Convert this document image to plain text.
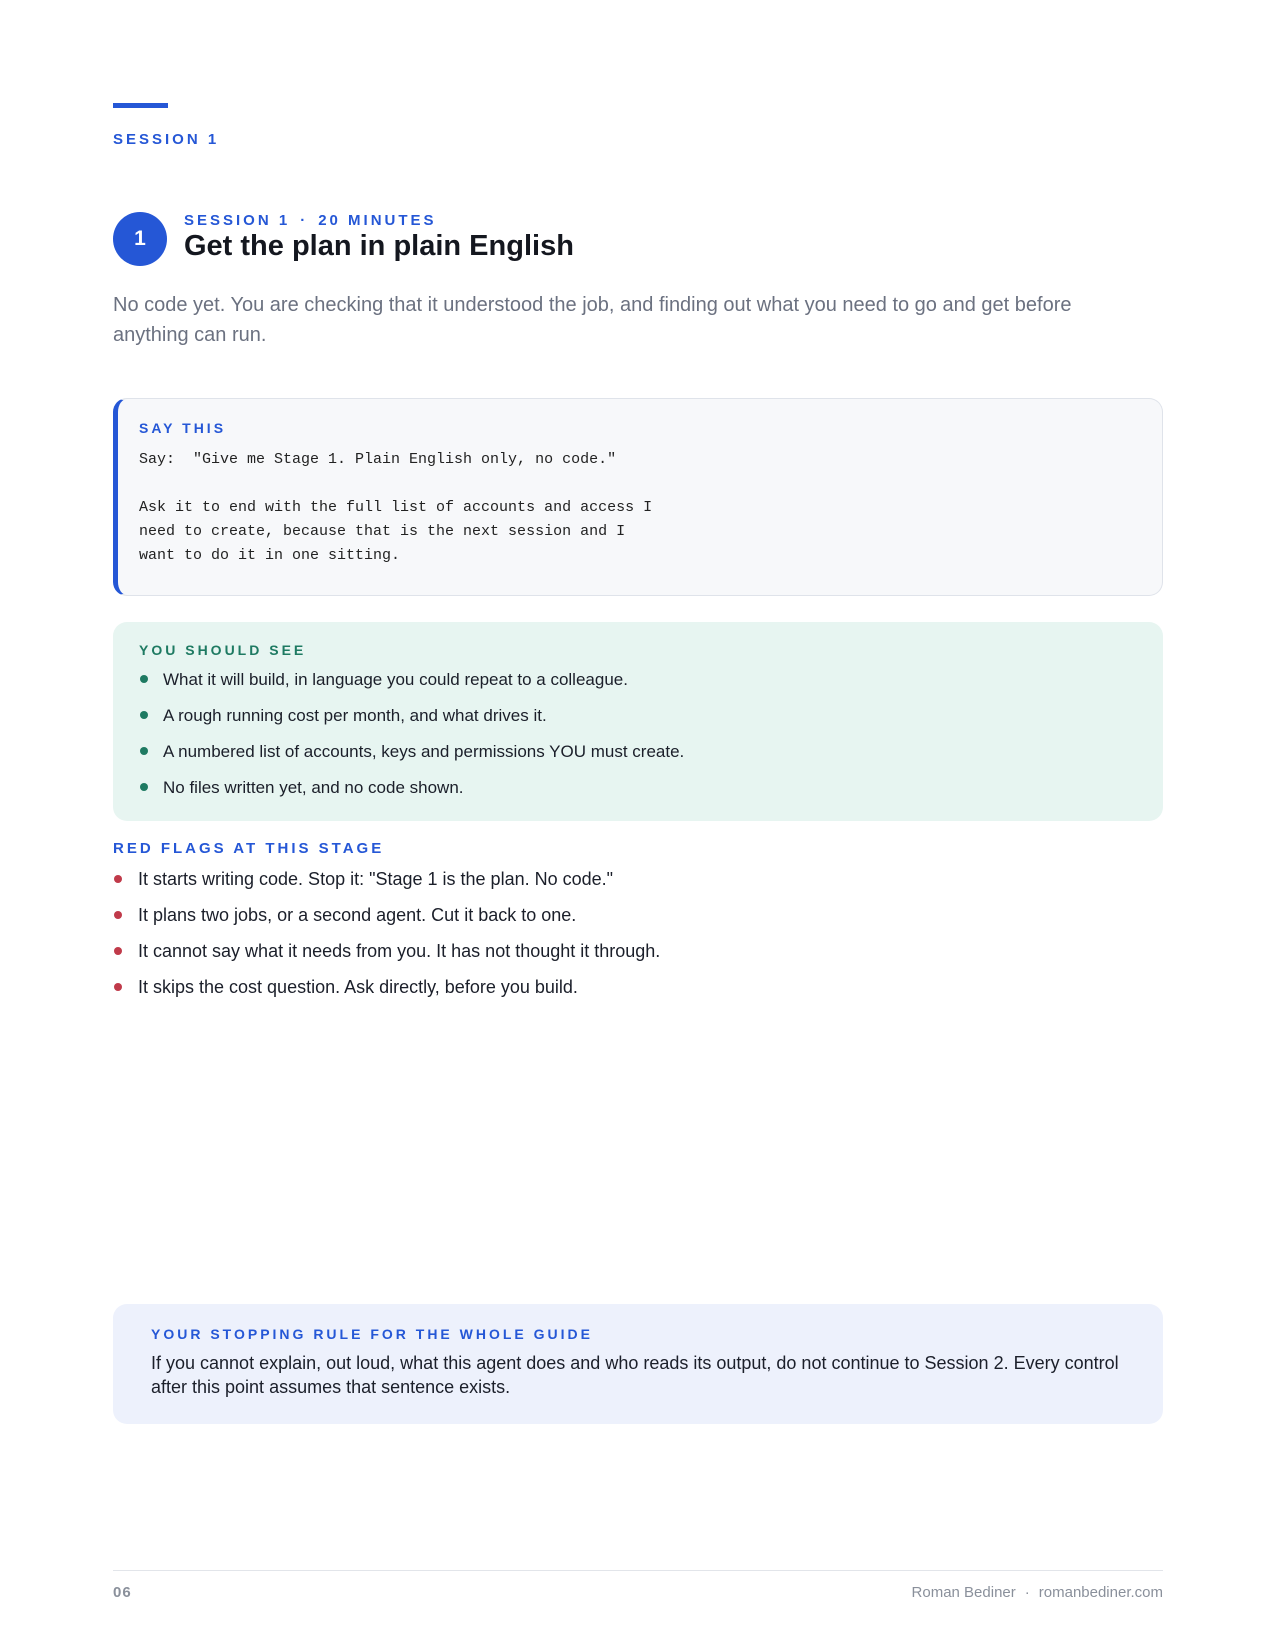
SESSION 1
1
SESSION 1 · 20 MINUTES
Get the plan in plain English

No code yet. You are checking that it understood the job, and finding out what you need to go and get before anything can run.

SAY THIS
Say:  "Give me Stage 1. Plain English only, no code."

Ask it to end with the full list of accounts and access I
need to create, because that is the next session and I
want to do it in one sitting.
YOU SHOULD SEE
What it will build, in language you could repeat to a colleague.
A rough running cost per month, and what drives it.
A numbered list of accounts, keys and permissions YOU must create.
No files written yet, and no code shown.
RED FLAGS AT THIS STAGE
It starts writing code. Stop it: "Stage 1 is the plan. No code."
It plans two jobs, or a second agent. Cut it back to one.
It cannot say what it needs from you. It has not thought it through.
It skips the cost question. Ask directly, before you build.
YOUR STOPPING RULE FOR THE WHOLE GUIDE

If you cannot explain, out loud, what this agent does and who reads its output, do not continue to Session 2. Every control after this point assumes that sentence exists.

06	Roman Bediner · romanbediner.com
